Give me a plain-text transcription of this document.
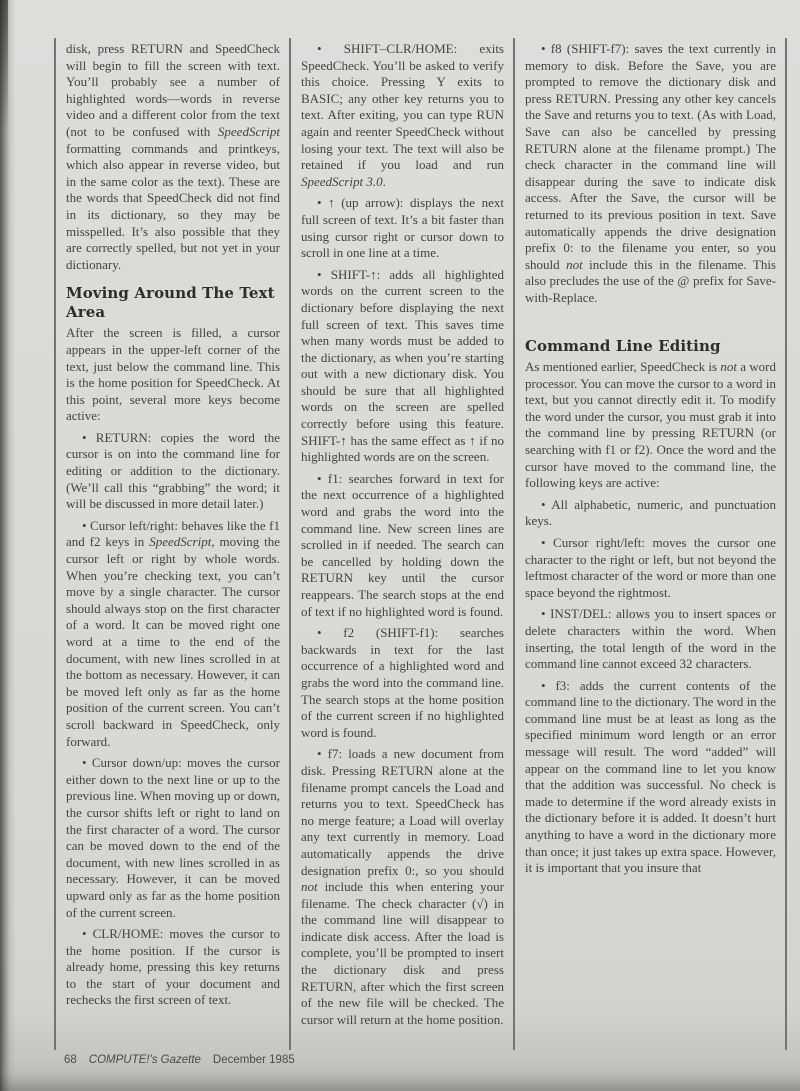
disk, press RETURN and SpeedCheck will begin to fill the screen with text. You’ll probably see a number of highlighted words—words in reverse video and a different color from the text (not to be confused with SpeedScript formatting commands and printkeys, which also appear in reverse video, but in the same color as the text). These are the words that SpeedCheck did not find in its dictionary, so they may be misspelled. It’s also possible that they are correctly spelled, but not yet in your dictionary.

Moving Around The Text Area

After the screen is filled, a cursor appears in the upper-left corner of the text, just below the command line. This is the home position for SpeedCheck. At this point, several more keys become active:

• RETURN: copies the word the cursor is on into the command line for editing or addition to the dictionary. (We’ll call this “grabbing” the word; it will be discussed in more detail later.)

• Cursor left/right: behaves like the f1 and f2 keys in SpeedScript, moving the cursor left or right by whole words. When you’re checking text, you can’t move by a single character. The cursor should always stop on the first character of a word. It can be moved right one word at a time to the end of the document, with new lines scrolled in at the bottom as necessary. However, it can be moved left only as far as the home position of the current screen. You can’t scroll backward in SpeedCheck, only forward.

• Cursor down/up: moves the cursor either down to the next line or up to the previous line. When moving up or down, the cursor shifts left or right to land on the first character of a word. The cursor can be moved down to the end of the document, with new lines scrolled in as necessary. However, it can be moved upward only as far as the home position of the current screen.

• CLR/HOME: moves the cursor to the home position. If the cursor is already home, pressing this key returns to the start of your document and rechecks the first screen of text.

• SHIFT–CLR/HOME: exits SpeedCheck. You’ll be asked to verify this choice. Pressing Y exits to BASIC; any other key returns you to text. After exiting, you can type RUN again and reenter SpeedCheck without losing your text. The text will also be retained if you load and run SpeedScript 3.0.

• ↑ (up arrow): displays the next full screen of text. It’s a bit faster than using cursor right or cursor down to scroll in one line at a time.

• SHIFT-↑: adds all highlighted words on the current screen to the dictionary before displaying the next full screen of text. This saves time when many words must be added to the dictionary, as when you’re starting out with a new dictionary disk. You should be sure that all highlighted words on the screen are spelled correctly before using this feature. SHIFT-↑ has the same effect as ↑ if no highlighted words are on the screen.

• f1: searches forward in text for the next occurrence of a highlighted word and grabs the word into the command line. New screen lines are scrolled in if needed. The search can be cancelled by holding down the RETURN key until the cursor reappears. The search stops at the end of text if no highlighted word is found.

• f2 (SHIFT-f1): searches backwards in text for the last occurrence of a highlighted word and grabs the word into the command line. The search stops at the home position of the current screen if no highlighted word is found.

• f7: loads a new document from disk. Pressing RETURN alone at the filename prompt cancels the Load and returns you to text. SpeedCheck has no merge feature; a Load will overlay any text currently in memory. Load automatically appends the drive designation prefix 0:, so you should not include this when entering your filename. The check character (√) in the command line will disappear to indicate disk access. After the load is complete, you’ll be prompted to insert the dictionary disk and press RETURN, after which the first screen of the new file will be checked. The cursor will return at the home position.

• f8 (SHIFT-f7): saves the text currently in memory to disk. Before the Save, you are prompted to remove the dictionary disk and press RETURN. Pressing any other key cancels the Save and returns you to text. (As with Load, Save can also be cancelled by pressing RETURN alone at the filename prompt.) The check character in the command line will disappear during the save to indicate disk access. After the Save, the cursor will be returned to its previous position in text. Save automatically appends the drive designation prefix 0: to the filename you enter, so you should not include this in the filename. This also precludes the use of the @ prefix for Save-with-Replace.

Command Line Editing

As mentioned earlier, SpeedCheck is not a word processor. You can move the cursor to a word in text, but you cannot directly edit it. To modify the word under the cursor, you must grab it into the command line by pressing RETURN (or searching with f1 or f2). Once the word and the cursor have moved to the command line, the following keys are active:

• All alphabetic, numeric, and punctuation keys.

• Cursor right/left: moves the cursor one character to the right or left, but not beyond the leftmost character of the word or more than one space beyond the rightmost.

• INST/DEL: allows you to insert spaces or delete characters within the word. When inserting, the total length of the word in the command line cannot exceed 32 characters.

• f3: adds the current contents of the command line to the dictionary. The word in the command line must be at least as long as the specified minimum word length or an error message will result. The word “added” will appear on the command line to let you know that the addition was successful. No check is made to determine if the word already exists in the dictionary before it is added. It doesn’t hurt anything to have a word in the dictionary more than once; it just takes up extra space. However, it is important that you insure that

68 COMPUTE!'s Gazette December 1985
